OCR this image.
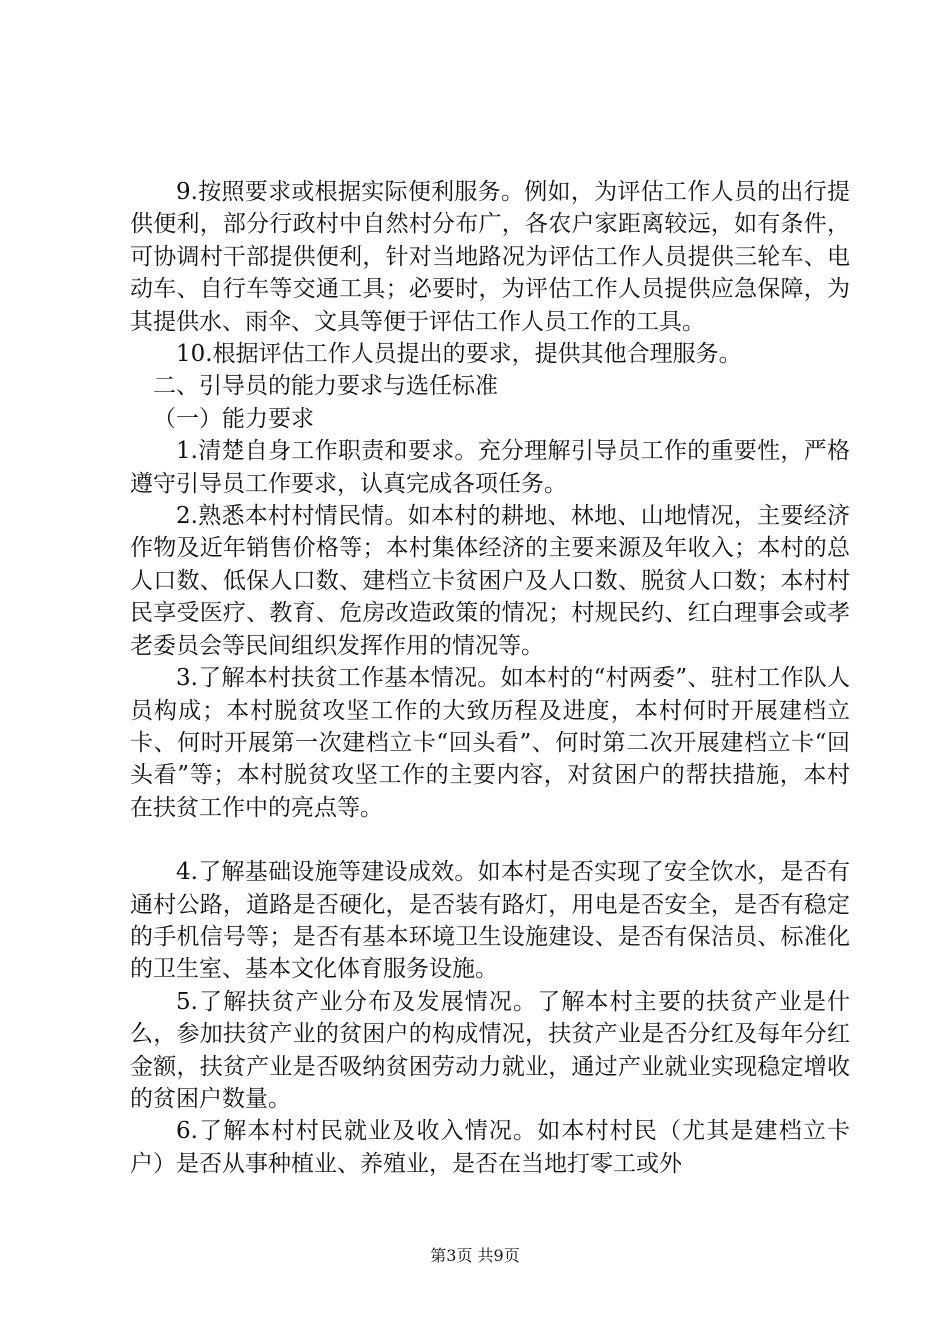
9.按照要求或根据实际便利服务。例如，为评估工作人员的出行提供便利，部分行政村中自然村分布广，各农户家距离较远，如有条件，可协调村干部提供便利，针对当地路况为评估工作人员提供三轮车、电动车、自行车等交通工具；必要时，为评估工作人员提供应急保障，为其提供水、雨伞、文具等便于评估工作人员工作的工具。

10.根据评估工作人员提出的要求，提供其他合理服务。

二、引导员的能力要求与选任标准

（一）能力要求

1.清楚自身工作职责和要求。充分理解引导员工作的重要性，严格遵守引导员工作要求，认真完成各项任务。

2.熟悉本村村情民情。如本村的耕地、林地、山地情况，主要经济作物及近年销售价格等；本村集体经济的主要来源及年收入；本村的总人口数、低保人口数、建档立卡贫困户及人口数、脱贫人口数；本村村民享受医疗、教育、危房改造政策的情况；村规民约、红白理事会或孝老委员会等民间组织发挥作用的情况等。

3.了解本村扶贫工作基本情况。如本村的“村两委”、驻村工作队人员构成；本村脱贫攻坚工作的大致历程及进度，本村何时开展建档立卡、何时开展第一次建档立卡“回头看”、何时第二次开展建档立卡“回头看”等；本村脱贫攻坚工作的主要内容，对贫困户的帮扶措施，本村在扶贫工作中的亮点等。

4.了解基础设施等建设成效。如本村是否实现了安全饮水，是否有通村公路，道路是否硬化，是否装有路灯，用电是否安全，是否有稳定的手机信号等；是否有基本环境卫生设施建设、是否有保洁员、标准化的卫生室、基本文化体育服务设施。

5.了解扶贫产业分布及发展情况。了解本村主要的扶贫产业是什么，参加扶贫产业的贫困户的构成情况，扶贫产业是否分红及每年分红金额，扶贫产业是否吸纳贫困劳动力就业，通过产业就业实现稳定增收的贫困户数量。

6.了解本村村民就业及收入情况。如本村村民（尤其是建档立卡户）是否从事种植业、养殖业，是否在当地打零工或外

第3页 共9页
